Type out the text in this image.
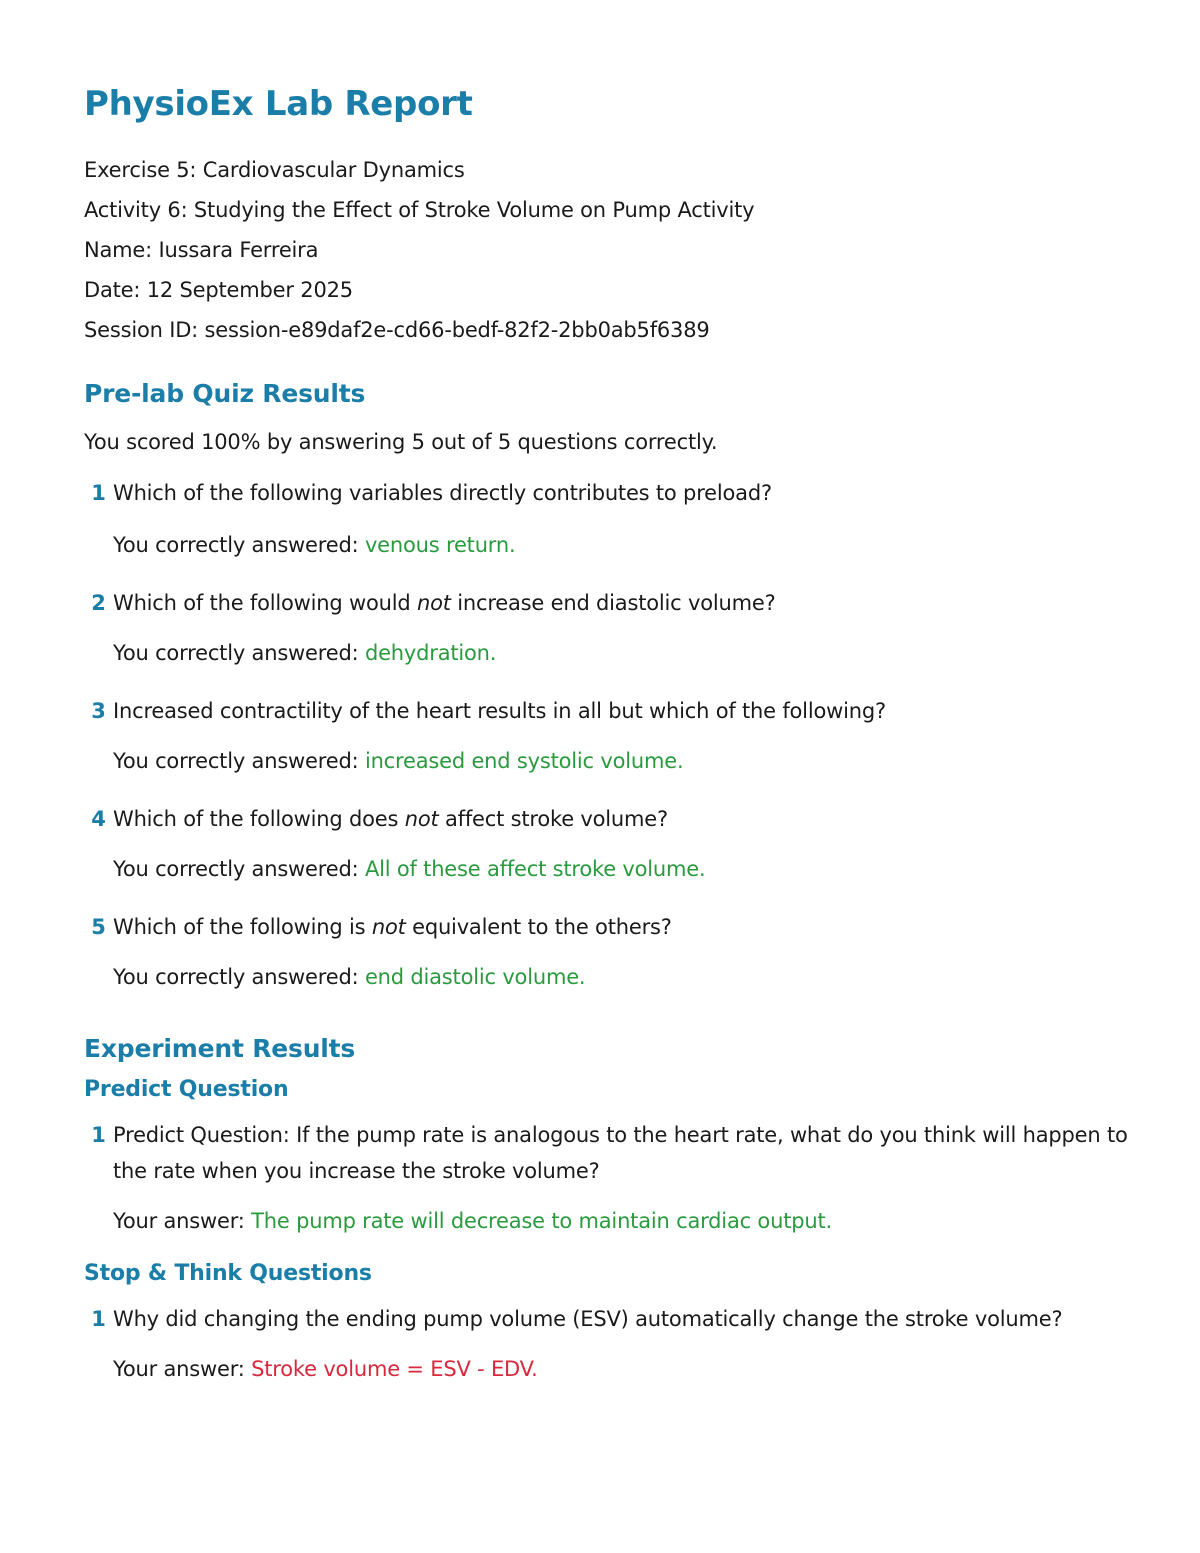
PhysioEx Lab Report

Exercise 5: Cardiovascular Dynamics

Activity 6: Studying the Effect of Stroke Volume on Pump Activity

Name: Iussara Ferreira

Date: 12 September 2025

Session ID: session-e89daf2e-cd66-bedf-82f2-2bb0ab5f6389

Pre-lab Quiz Results

You scored 100% by answering 5 out of 5 questions correctly.

1 Which of the following variables directly contributes to preload?
You correctly answered: venous return.
2 Which of the following would not increase end diastolic volume?
You correctly answered: dehydration.
3 Increased contractility of the heart results in all but which of the following?
You correctly answered: increased end systolic volume.
4 Which of the following does not affect stroke volume?
You correctly answered: All of these affect stroke volume.
5 Which of the following is not equivalent to the others?
You correctly answered: end diastolic volume.
Experiment Results
Predict Question
1 Predict Question: If the pump rate is analogous to the heart rate, what do you think will happen to the rate when you increase the stroke volume?
Your answer: The pump rate will decrease to maintain cardiac output.
Stop & Think Questions
1 Why did changing the ending pump volume (ESV) automatically change the stroke volume?
Your answer: Stroke volume = ESV - EDV.
